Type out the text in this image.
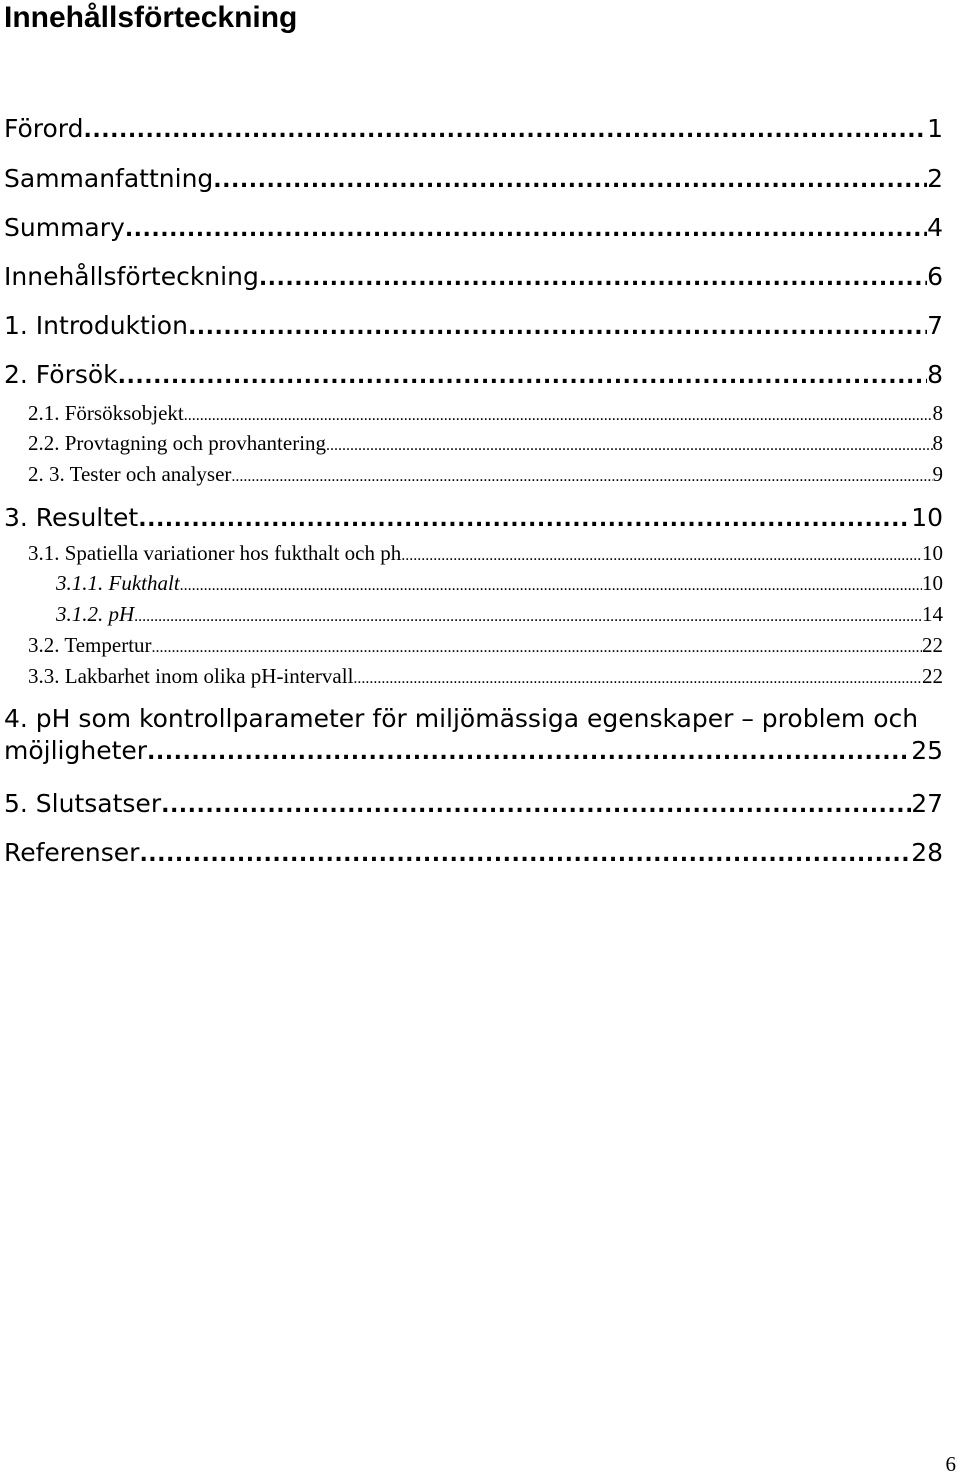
Innehållsförteckning
Förord .....	1
Sammanfattning .....	2
Summary .....	4
Innehållsförteckning .....	6
1. Introduktion .....	7
2. Försök .....	8
2.1. Försöksobjekt .....	8
2.2. Provtagning och provhantering .....	8
2. 3. Tester och analyser .....	9
3. Resultet .....	10
3.1. Spatiella variationer hos fukthalt och ph .....	10
3.1.1. Fukthalt .....	10
3.1.2. pH .....	14
3.2. Tempertur .....	22
3.3. Lakbarhet inom olika pH-intervall .....	22
4. pH som kontrollparameter för miljömässiga egenskaper – problem och
möjligheter .....	25
5. Slutsatser .....	27
Referenser .....	28
6
